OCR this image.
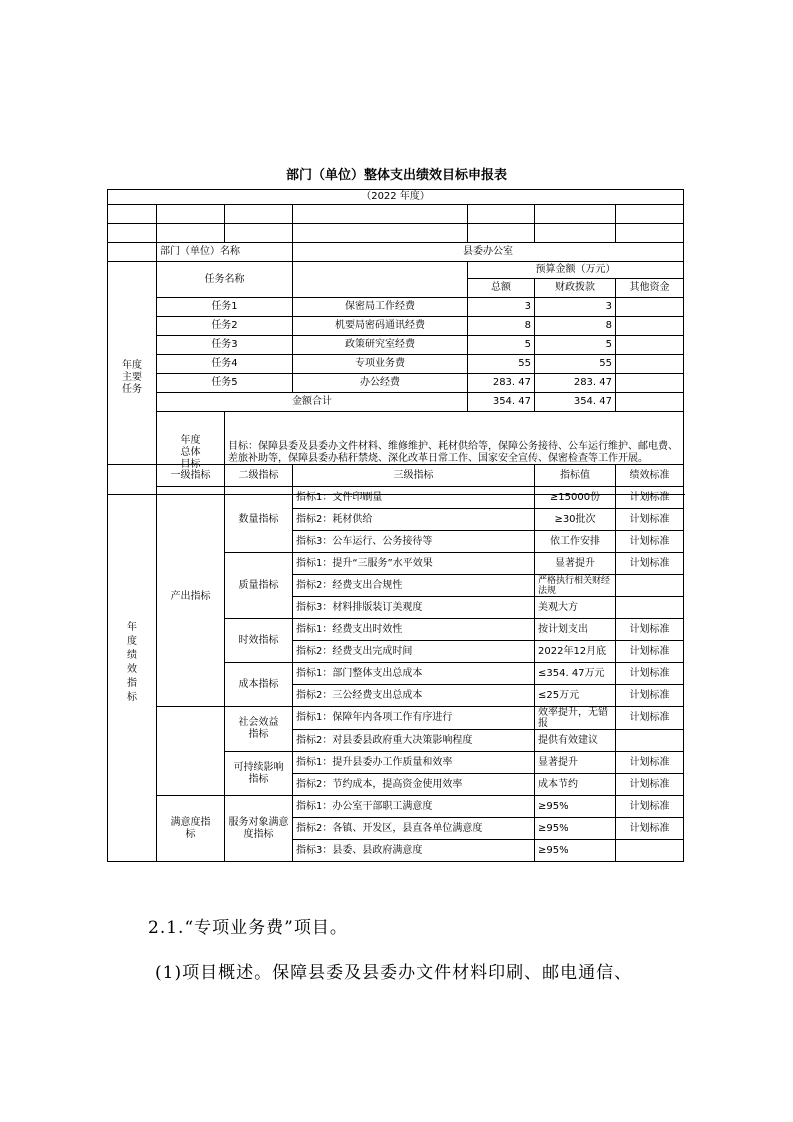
部门（单位）整体支出绩效目标申报表
（2022 年度）						

	部门（单位）名称		县委办公室			

年度主要任务	任务名称			预算金额（万元）		
				总额	财政拨款	其他资金
	任务1		保密局工作经费	3	3	
	任务2		机要局密码通讯经费	8	8	
	任务3		政策研究室经费	5	5	
	任务4		专项业务费	55	55	
	任务5		办公经费	283. 47	283. 47	
	金额合计			354. 47	354. 47	

	年度总体目标	目标：保障县委及县委办文件材料、维修维护、耗材供给等，保障公务接待、公车运行维护、邮电费、差旅补助等，保障县委办秸秆禁烧、深化改革日常工作、国家安全宣传、保密检查等工作开展。				
年度绩效指标	一级指标	二级指标	三级指标	指标值	绩效标准
	产出指标	数量指标	指标1：文件印刷量	≥15000份	计划标准
			指标2：耗材供给	≥30批次	计划标准
			指标3：公车运行、公务接待等	依工作安排	计划标准
		质量指标	指标1：提升“三服务”水平效果	显著提升	计划标准
			指标2：经费支出合规性	严格执行相关财经法规	
			指标3：材料排版装订美观度	美观大方	
		时效指标	指标1：经费支出时效性	按计划支出	计划标准
			指标2：经费支出完成时间	2022年12月底	计划标准
		成本指标	指标1：部门整体支出总成本	≤354. 47万元	计划标准
			指标2：三公经费支出总成本	≤25万元	计划标准

		社会效益指标	指标1：保障年内各项工作有序进行	效率提升，无错报	计划标准
			指标2：对县委县政府重大决策影响程度	提供有效建议	

		可持续影响指标	指标1：提升县委办工作质量和效率	显著提升	计划标准
			指标2：节约成本，提高资金使用效率	成本节约	计划标准

	满意度指标	服务对象满意度指标	指标1：办公室干部职工满意度	≥95%	计划标准
			指标2：各镇、开发区，县直各单位满意度	≥95%	计划标准
			指标3：县委、县政府满意度	≥95%	
2.1.“专项业务费”项目。
(1)项目概述。保障县委及县委办文件材料印刷、邮电通信、
